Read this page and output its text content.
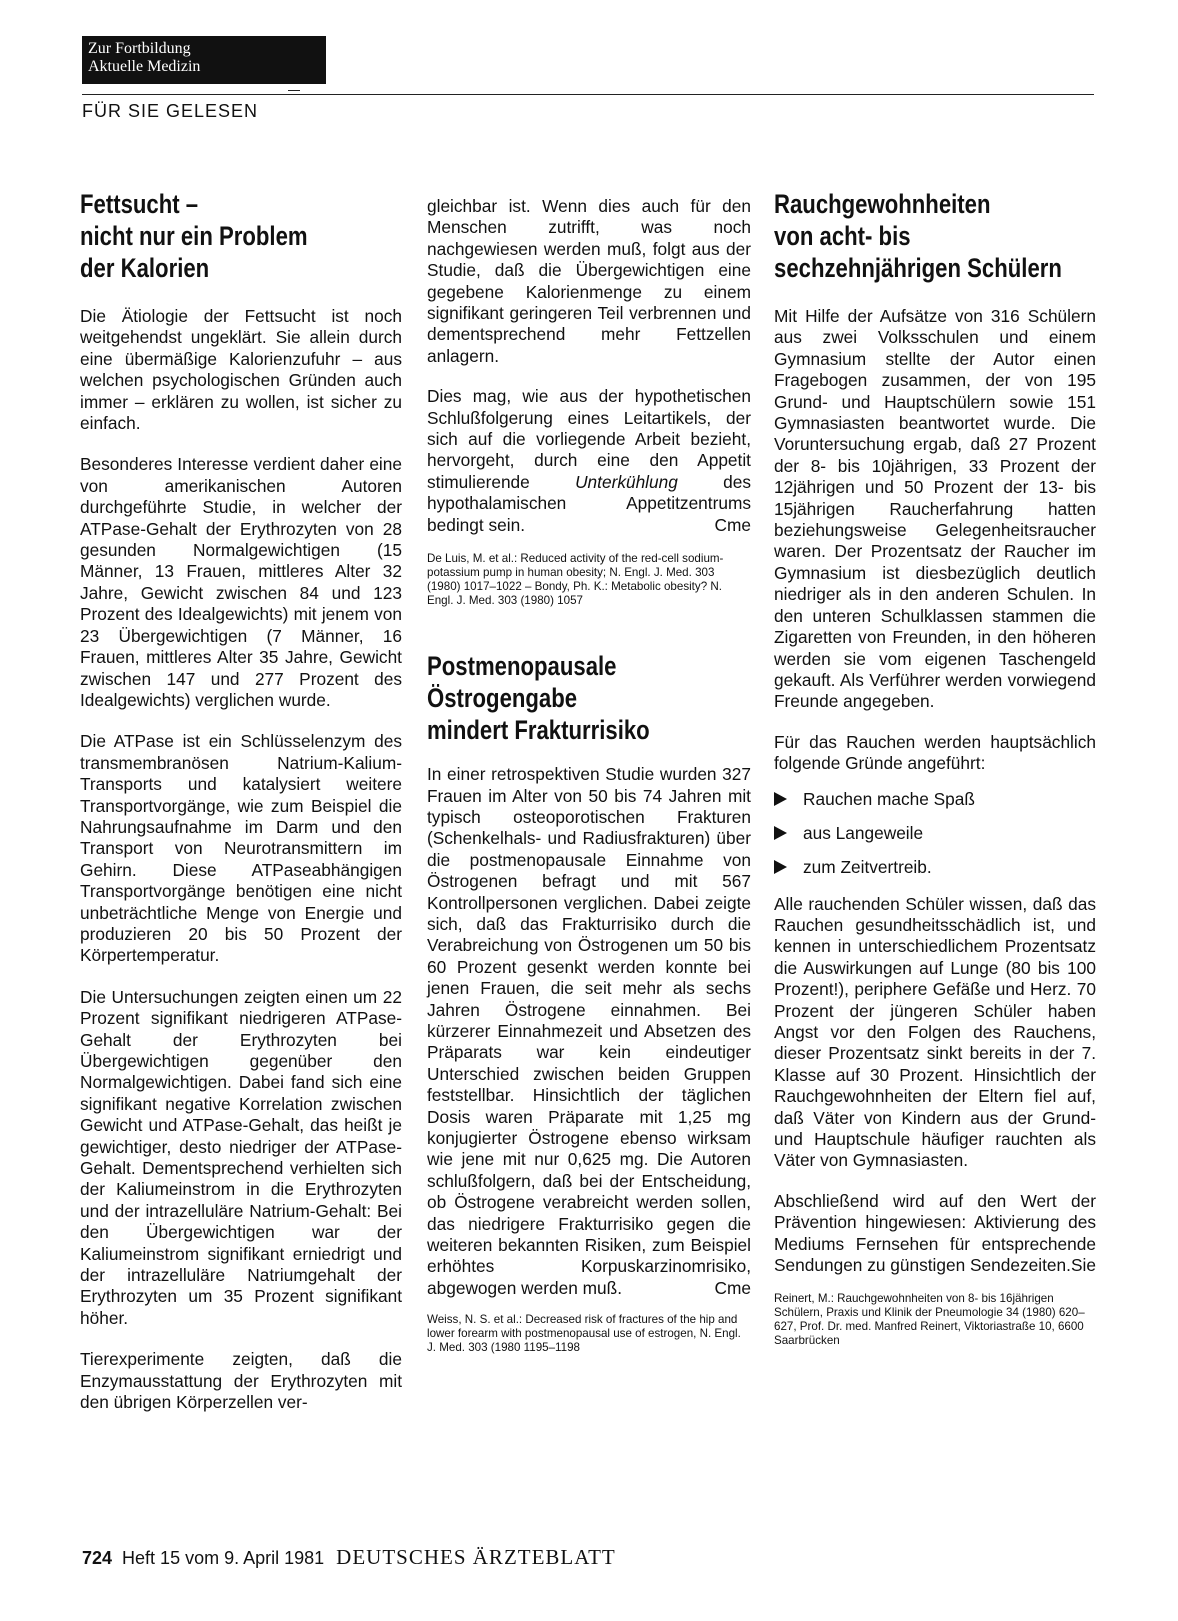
Zur Fortbildung
Aktuelle Medizin
FÜR SIE GELESEN
Fettsucht –
nicht nur ein Problem
der Kalorien

Die Ätiologie der Fettsucht ist noch weitgehendst ungeklärt. Sie allein durch eine übermäßige Kalorienzufuhr – aus welchen psychologischen Gründen auch immer – erklären zu wollen, ist sicher zu einfach.

Besonderes Interesse verdient daher eine von amerikanischen Autoren durchgeführte Studie, in welcher der ATPase-Gehalt der Erythrozyten von 28 gesunden Normalgewichtigen (15 Männer, 13 Frauen, mittleres Alter 32 Jahre, Gewicht zwischen 84 und 123 Prozent des Idealgewichts) mit jenem von 23 Übergewichtigen (7 Männer, 16 Frauen, mittleres Alter 35 Jahre, Gewicht zwischen 147 und 277 Prozent des Idealgewichts) verglichen wurde.

Die ATPase ist ein Schlüsselenzym des transmembranösen Natrium-Kalium-Transports und katalysiert weitere Transportvorgänge, wie zum Beispiel die Nahrungsaufnahme im Darm und den Transport von Neurotransmittern im Gehirn. Diese ATPaseabhängigen Transportvorgänge benötigen eine nicht unbeträchtliche Menge von Energie und produzieren 20 bis 50 Prozent der Körpertemperatur.

Die Untersuchungen zeigten einen um 22 Prozent signifikant niedrigeren ATPase-Gehalt der Erythrozyten bei Übergewichtigen gegenüber den Normalgewichtigen. Dabei fand sich eine signifikant negative Korrelation zwischen Gewicht und ATPase-Gehalt, das heißt je gewichtiger, desto niedriger der ATPase-Gehalt. Dementsprechend verhielten sich der Kaliumeinstrom in die Erythrozyten und der intrazelluläre Natrium-Gehalt: Bei den Übergewichtigen war der Kaliumeinstrom signifikant erniedrigt und der intrazelluläre Natriumgehalt der Erythrozyten um 35 Prozent signifikant höher.

Tierexperimente zeigten, daß die Enzymausstattung der Erythrozyten mit den übrigen Körperzellen ver-

gleichbar ist. Wenn dies auch für den Menschen zutrifft, was noch nachgewiesen werden muß, folgt aus der Studie, daß die Übergewichtigen eine gegebene Kalorienmenge zu einem signifikant geringeren Teil verbrennen und dementsprechend mehr Fettzellen anlagern.

Dies mag, wie aus der hypothetischen Schlußfolgerung eines Leitartikels, der sich auf die vorliegende Arbeit bezieht, hervorgeht, durch eine den Appetit stimulierende Unterkühlung des hypothalamischen Appetitzentrums bedingt sein.	Cme

De Luis, M. et al.: Reduced activity of the red-cell sodium-potassium pump in human obesity; N. Engl. J. Med. 303 (1980) 1017–1022 – Bondy, Ph. K.: Metabolic obesity? N. Engl. J. Med. 303 (1980) 1057

Postmenopausale
Östrogengabe
mindert Frakturrisiko

In einer retrospektiven Studie wurden 327 Frauen im Alter von 50 bis 74 Jahren mit typisch osteoporotischen Frakturen (Schenkelhals- und Radiusfrakturen) über die postmenopausale Einnahme von Östrogenen befragt und mit 567 Kontrollpersonen verglichen. Dabei zeigte sich, daß das Frakturrisiko durch die Verabreichung von Östrogenen um 50 bis 60 Prozent gesenkt werden konnte bei jenen Frauen, die seit mehr als sechs Jahren Östrogene einnahmen. Bei kürzerer Einnahmezeit und Absetzen des Präparats war kein eindeutiger Unterschied zwischen beiden Gruppen feststellbar. Hinsichtlich der täglichen Dosis waren Präparate mit 1,25 mg konjugierter Östrogene ebenso wirksam wie jene mit nur 0,625 mg. Die Autoren schlußfolgern, daß bei der Entscheidung, ob Östrogene verabreicht werden sollen, das niedrigere Frakturrisiko gegen die weiteren bekannten Risiken, zum Beispiel erhöhtes Korpuskarzinomrisiko, abgewogen werden muß.	Cme

Weiss, N. S. et al.: Decreased risk of fractures of the hip and lower forearm with postmenopausal use of estrogen, N. Engl. J. Med. 303 (1980 1195–1198

Rauchgewohnheiten
von acht- bis
sechzehnjährigen Schülern

Mit Hilfe der Aufsätze von 316 Schülern aus zwei Volksschulen und einem Gymnasium stellte der Autor einen Fragebogen zusammen, der von 195 Grund- und Hauptschülern sowie 151 Gymnasiasten beantwortet wurde. Die Voruntersuchung ergab, daß 27 Prozent der 8- bis 10jährigen, 33 Prozent der 12jährigen und 50 Prozent der 13- bis 15jährigen Raucherfahrung hatten beziehungsweise Gelegenheitsraucher waren. Der Prozentsatz der Raucher im Gymnasium ist diesbezüglich deutlich niedriger als in den anderen Schulen. In den unteren Schulklassen stammen die Zigaretten von Freunden, in den höheren werden sie vom eigenen Taschengeld gekauft. Als Verführer werden vorwiegend Freunde angegeben.

Für das Rauchen werden hauptsächlich folgende Gründe angeführt:

Rauchen mache Spaß
aus Langeweile
zum Zeitvertreib.

Alle rauchenden Schüler wissen, daß das Rauchen gesundheitsschädlich ist, und kennen in unterschiedlichem Prozentsatz die Auswirkungen auf Lunge (80 bis 100 Prozent!), periphere Gefäße und Herz. 70 Prozent der jüngeren Schüler haben Angst vor den Folgen des Rauchens, dieser Prozentsatz sinkt bereits in der 7. Klasse auf 30 Prozent. Hinsichtlich der Rauchgewohnheiten der Eltern fiel auf, daß Väter von Kindern aus der Grund- und Hauptschule häufiger rauchten als Väter von Gymnasiasten.

Abschließend wird auf den Wert der Prävention hingewiesen: Aktivierung des Mediums Fernsehen für entsprechende Sendungen zu günstigen Sendezeiten. Sie

Reinert, M.: Rauchgewohnheiten von 8- bis 16jährigen Schülern, Praxis und Klinik der Pneumologie 34 (1980) 620–627, Prof. Dr. med. Manfred Reinert, Viktoriastraße 10, 6600 Saarbrücken

724 Heft 15 vom 9. April 1981 DEUTSCHES ÄRZTEBLATT
